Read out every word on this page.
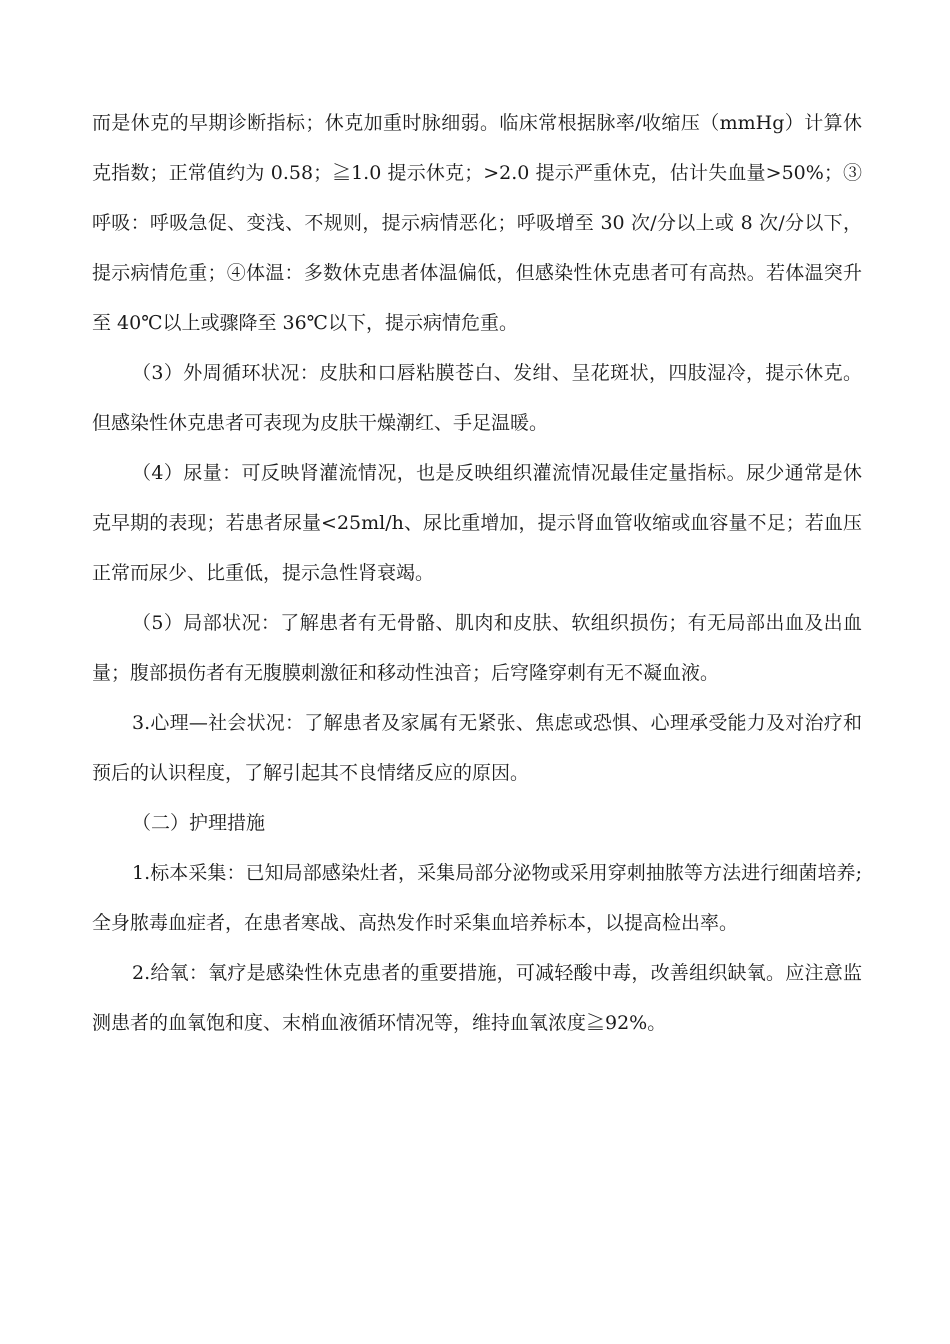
而是休克的早期诊断指标；休克加重时脉细弱。临床常根据脉率/收缩压（mmHg）计算休克指数；正常值约为 0.58；≧1.0 提示休克；>2.0 提示严重休克，估计失血量>50%；③呼吸：呼吸急促、变浅、不规则，提示病情恶化；呼吸增至 30 次/分以上或 8 次/分以下，提示病情危重；④体温：多数休克患者体温偏低，但感染性休克患者可有高热。若体温突升至 40℃以上或骤降至 36℃以下，提示病情危重。

（3）外周循环状况：皮肤和口唇粘膜苍白、发绀、呈花斑状，四肢湿冷，提示休克。但感染性休克患者可表现为皮肤干燥潮红、手足温暖。

（4）尿量：可反映肾灌流情况，也是反映组织灌流情况最佳定量指标。尿少通常是休克早期的表现；若患者尿量<25ml/h、尿比重增加，提示肾血管收缩或血容量不足；若血压正常而尿少、比重低，提示急性肾衰竭。

（5）局部状况：了解患者有无骨骼、肌肉和皮肤、软组织损伤；有无局部出血及出血量；腹部损伤者有无腹膜刺激征和移动性浊音；后穹隆穿刺有无不凝血液。

3.心理—社会状况：了解患者及家属有无紧张、焦虑或恐惧、心理承受能力及对治疗和预后的认识程度，了解引起其不良情绪反应的原因。

（二）护理措施

1.标本采集：已知局部感染灶者，采集局部分泌物或采用穿刺抽脓等方法进行细菌培养;全身脓毒血症者，在患者寒战、高热发作时采集血培养标本，以提高检出率。

2.给氧：氧疗是感染性休克患者的重要措施，可减轻酸中毒，改善组织缺氧。应注意监测患者的血氧饱和度、末梢血液循环情况等，维持血氧浓度≧92%。
